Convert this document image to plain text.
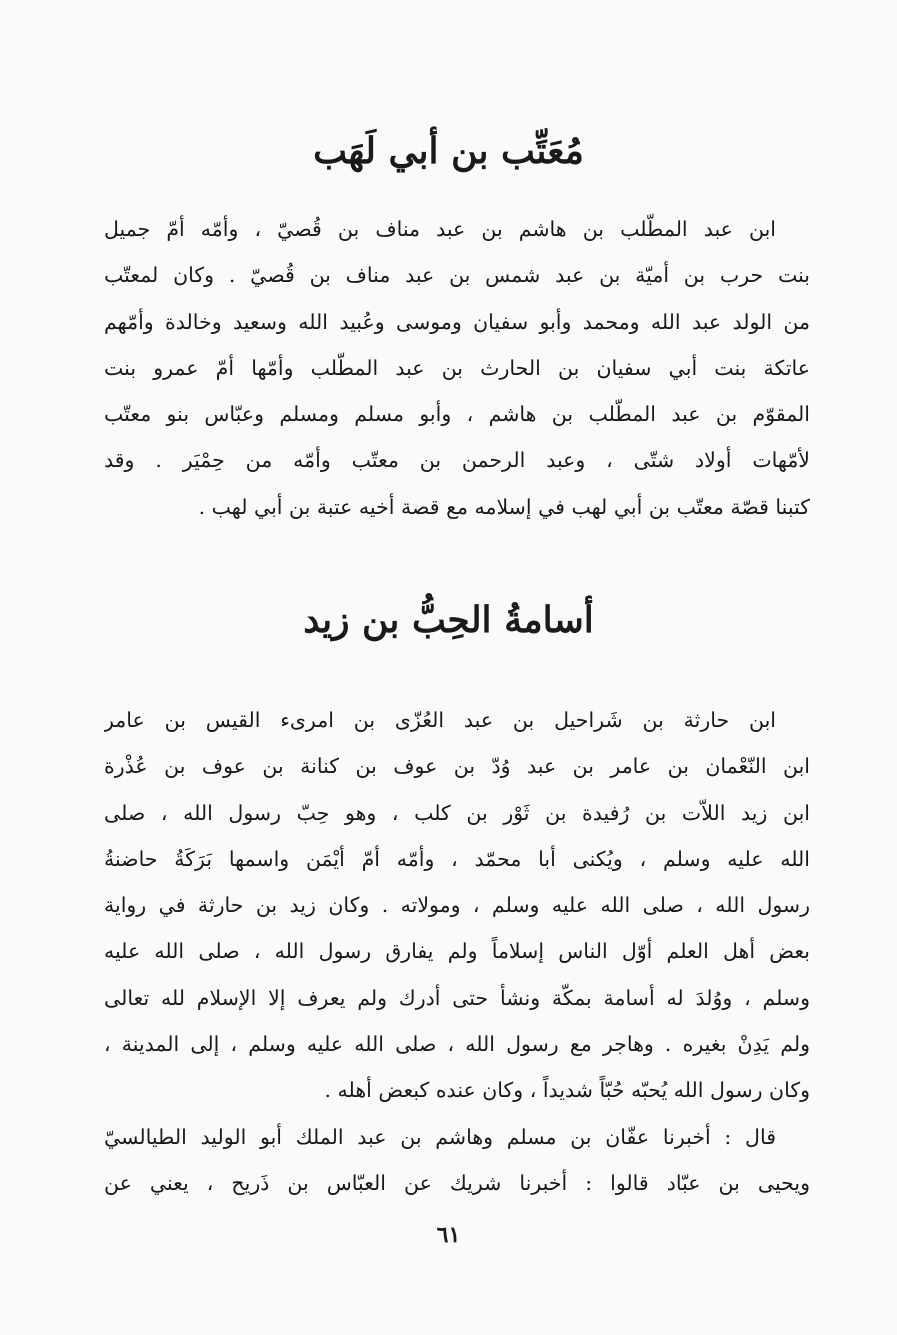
مُعَتِّب بن أبي لَهَب
ابن عبد المطّلب بن هاشم بن عبد مناف بن قُصيّ ، وأمّه أمّ جميل
بنت حرب بن أميّة بن عبد شمس بن عبد مناف بن قُصيّ . وكان لمعتّب
من الولد عبد الله ومحمد وأبو سفيان وموسى وعُبيد الله وسعيد وخالدة وأمّهم
عاتكة بنت أبي سفيان بن الحارث بن عبد المطّلب وأمّها أمّ عمرو بنت
المقوّم بن عبد المطّلب بن هاشم ، وأبو مسلم ومسلم وعبّاس بنو معتّب
لأمّهات أولاد شتّى ، وعبد الرحمن بن معتّب وأمّه من حِمْيَر . وقد
كتبنا قصّة معتّب بن أبي لهب في إسلامه مع قصة أخيه عتبة بن أبي لهب .
أسامةُ الحِبُّ بن زيد
ابن حارثة بن شَراحيل بن عبد العُزّى بن امرىء القيس بن عامر
ابن النّعْمان بن عامر بن عبد وُدّ بن عوف بن كنانة بن عوف بن عُذْرة
ابن زيد اللاّت بن رُفيدة بن ثَوْر بن كلب ، وهو حِبّ رسول الله ، صلى
الله عليه وسلم ، ويُكنى أبا محمّد ، وأمّه أمّ أيْمَن واسمها بَرَكَةُ حاضنةُ
رسول الله ، صلى الله عليه وسلم ، ومولاته . وكان زيد بن حارثة في رواية
بعض أهل العلم أوّل الناس إسلاماً ولم يفارق رسول الله ، صلى الله عليه
وسلم ، ووُلدَ له أسامة بمكّة ونشأ حتى أدرك ولم يعرف إلا الإسلام لله تعالى
ولم يَدِنْ بغيره . وهاجر مع رسول الله ، صلى الله عليه وسلم ، إلى المدينة ،
وكان رسول الله يُحبّه حُبّاً شديداً ، وكان عنده كبعض أهله .
قال : أخبرنا عفّان بن مسلم وهاشم بن عبد الملك أبو الوليد الطيالسيّ
ويحيى بن عبّاد قالوا : أخبرنا شريك عن العبّاس بن ذَريح ، يعني عن
٦١
